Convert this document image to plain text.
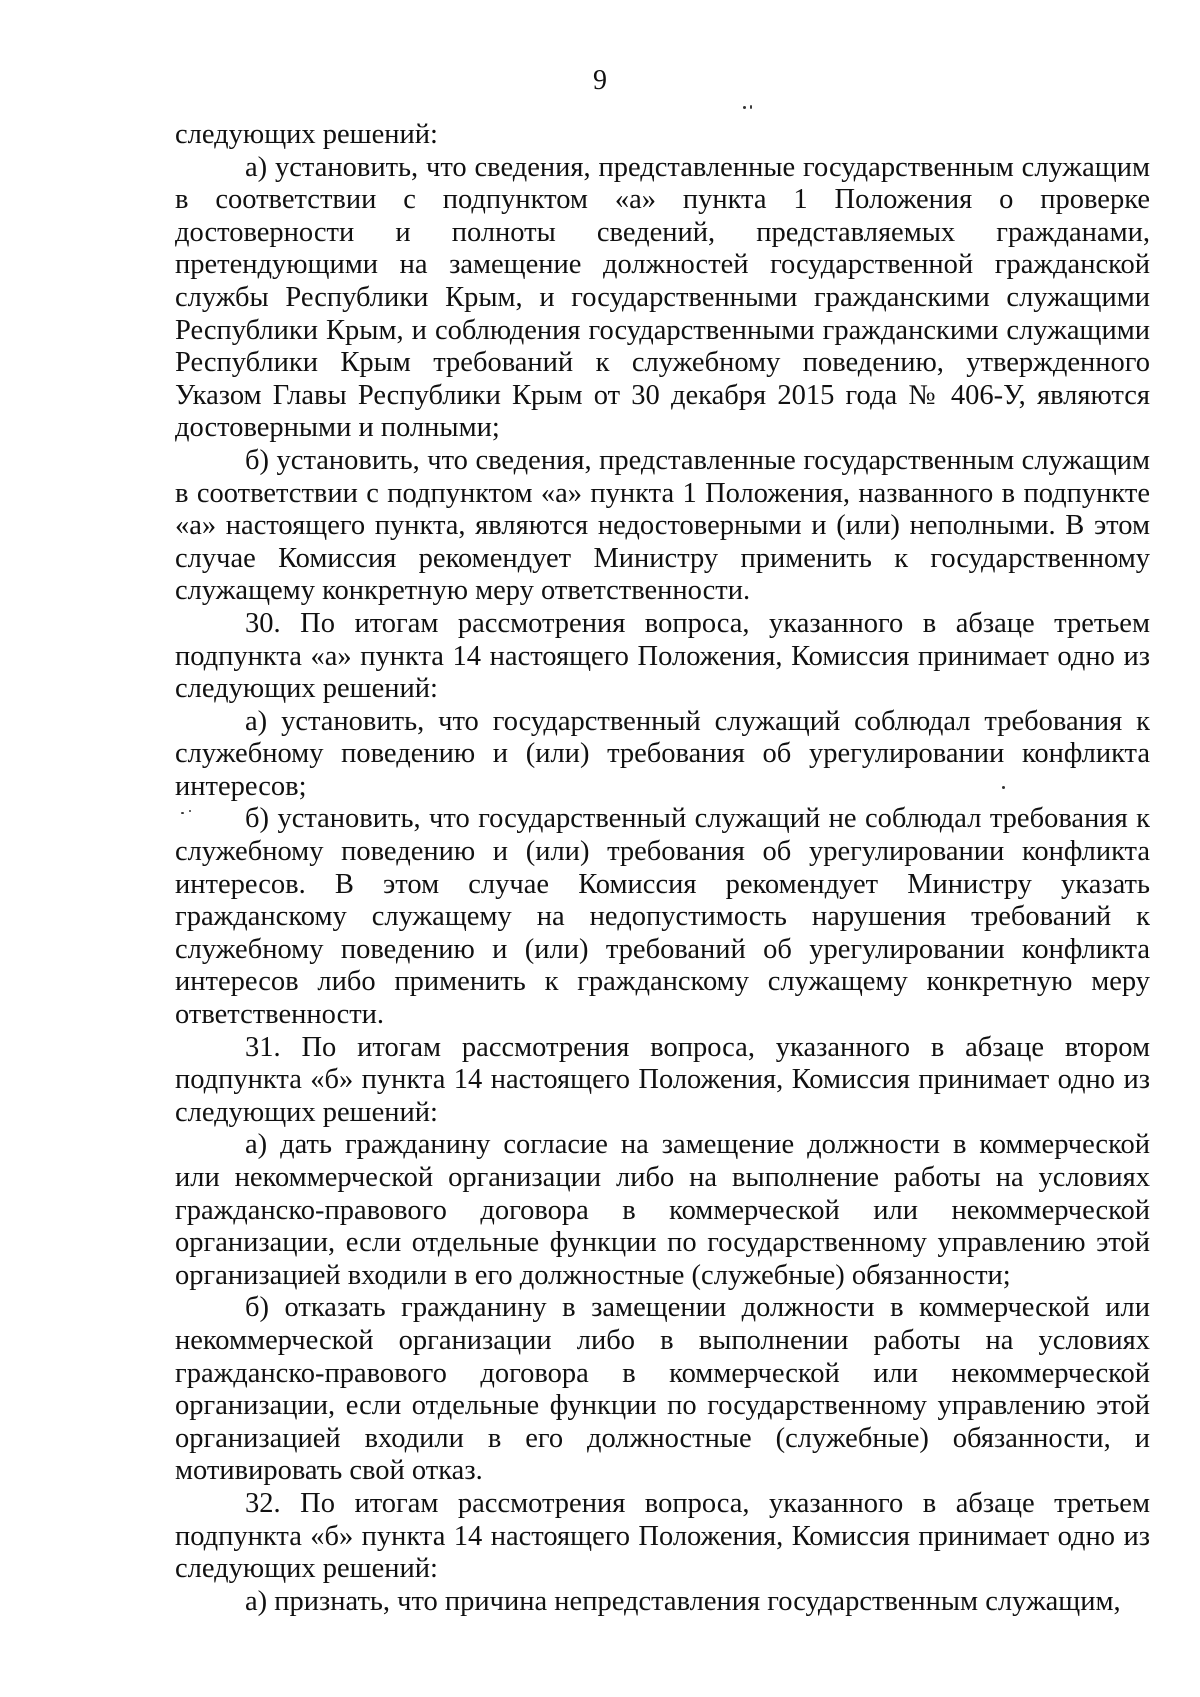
9

следующих решений:

а) установить, что сведения, представленные государственным служащим в соответствии с подпунктом «а» пункта 1 Положения о проверке достоверности и полноты сведений, представляемых гражданами, претендующими на замещение должностей государственной гражданской службы Республики Крым, и государственными гражданскими служащими Республики Крым, и соблюдения государственными гражданскими служащими Республики Крым требований к служебному поведению, утвержденного Указом Главы Республики Крым от 30 декабря 2015 года № 406-У, являются достоверными и полными;

б) установить, что сведения, представленные государственным служащим в соответствии с подпунктом «а» пункта 1 Положения, названного в подпункте «а» настоящего пункта, являются недостоверными и (или) неполными. В этом случае Комиссия рекомендует Министру применить к государственному служащему конкретную меру ответственности.

30. По итогам рассмотрения вопроса, указанного в абзаце третьем подпункта «а» пункта 14 настоящего Положения, Комиссия принимает одно из следующих решений:

а) установить, что государственный служащий соблюдал требования к служебному поведению и (или) требования об урегулировании конфликта интересов;

б) установить, что государственный служащий не соблюдал требования к служебному поведению и (или) требования об урегулировании конфликта интересов. В этом случае Комиссия рекомендует Министру указать гражданскому служащему на недопустимость нарушения требований к служебному поведению и (или) требований об урегулировании конфликта интересов либо применить к гражданскому служащему конкретную меру ответственности.

31. По итогам рассмотрения вопроса, указанного в абзаце втором подпункта «б» пункта 14 настоящего Положения, Комиссия принимает одно из следующих решений:

а) дать гражданину согласие на замещение должности в коммерческой или некоммерческой организации либо на выполнение работы на условиях гражданско-правового договора в коммерческой или некоммерческой организации, если отдельные функции по государственному управлению этой организацией входили в его должностные (служебные) обязанности;

б) отказать гражданину в замещении должности в коммерческой или некоммерческой организации либо в выполнении работы на условиях гражданско-правового договора в коммерческой или некоммерческой организации, если отдельные функции по государственному управлению этой организацией входили в его должностные (служебные) обязанности, и мотивировать свой отказ.

32. По итогам рассмотрения вопроса, указанного в абзаце третьем подпункта «б» пункта 14 настоящего Положения, Комиссия принимает одно из следующих решений:

а) признать, что причина непредставления государственным служащим,
